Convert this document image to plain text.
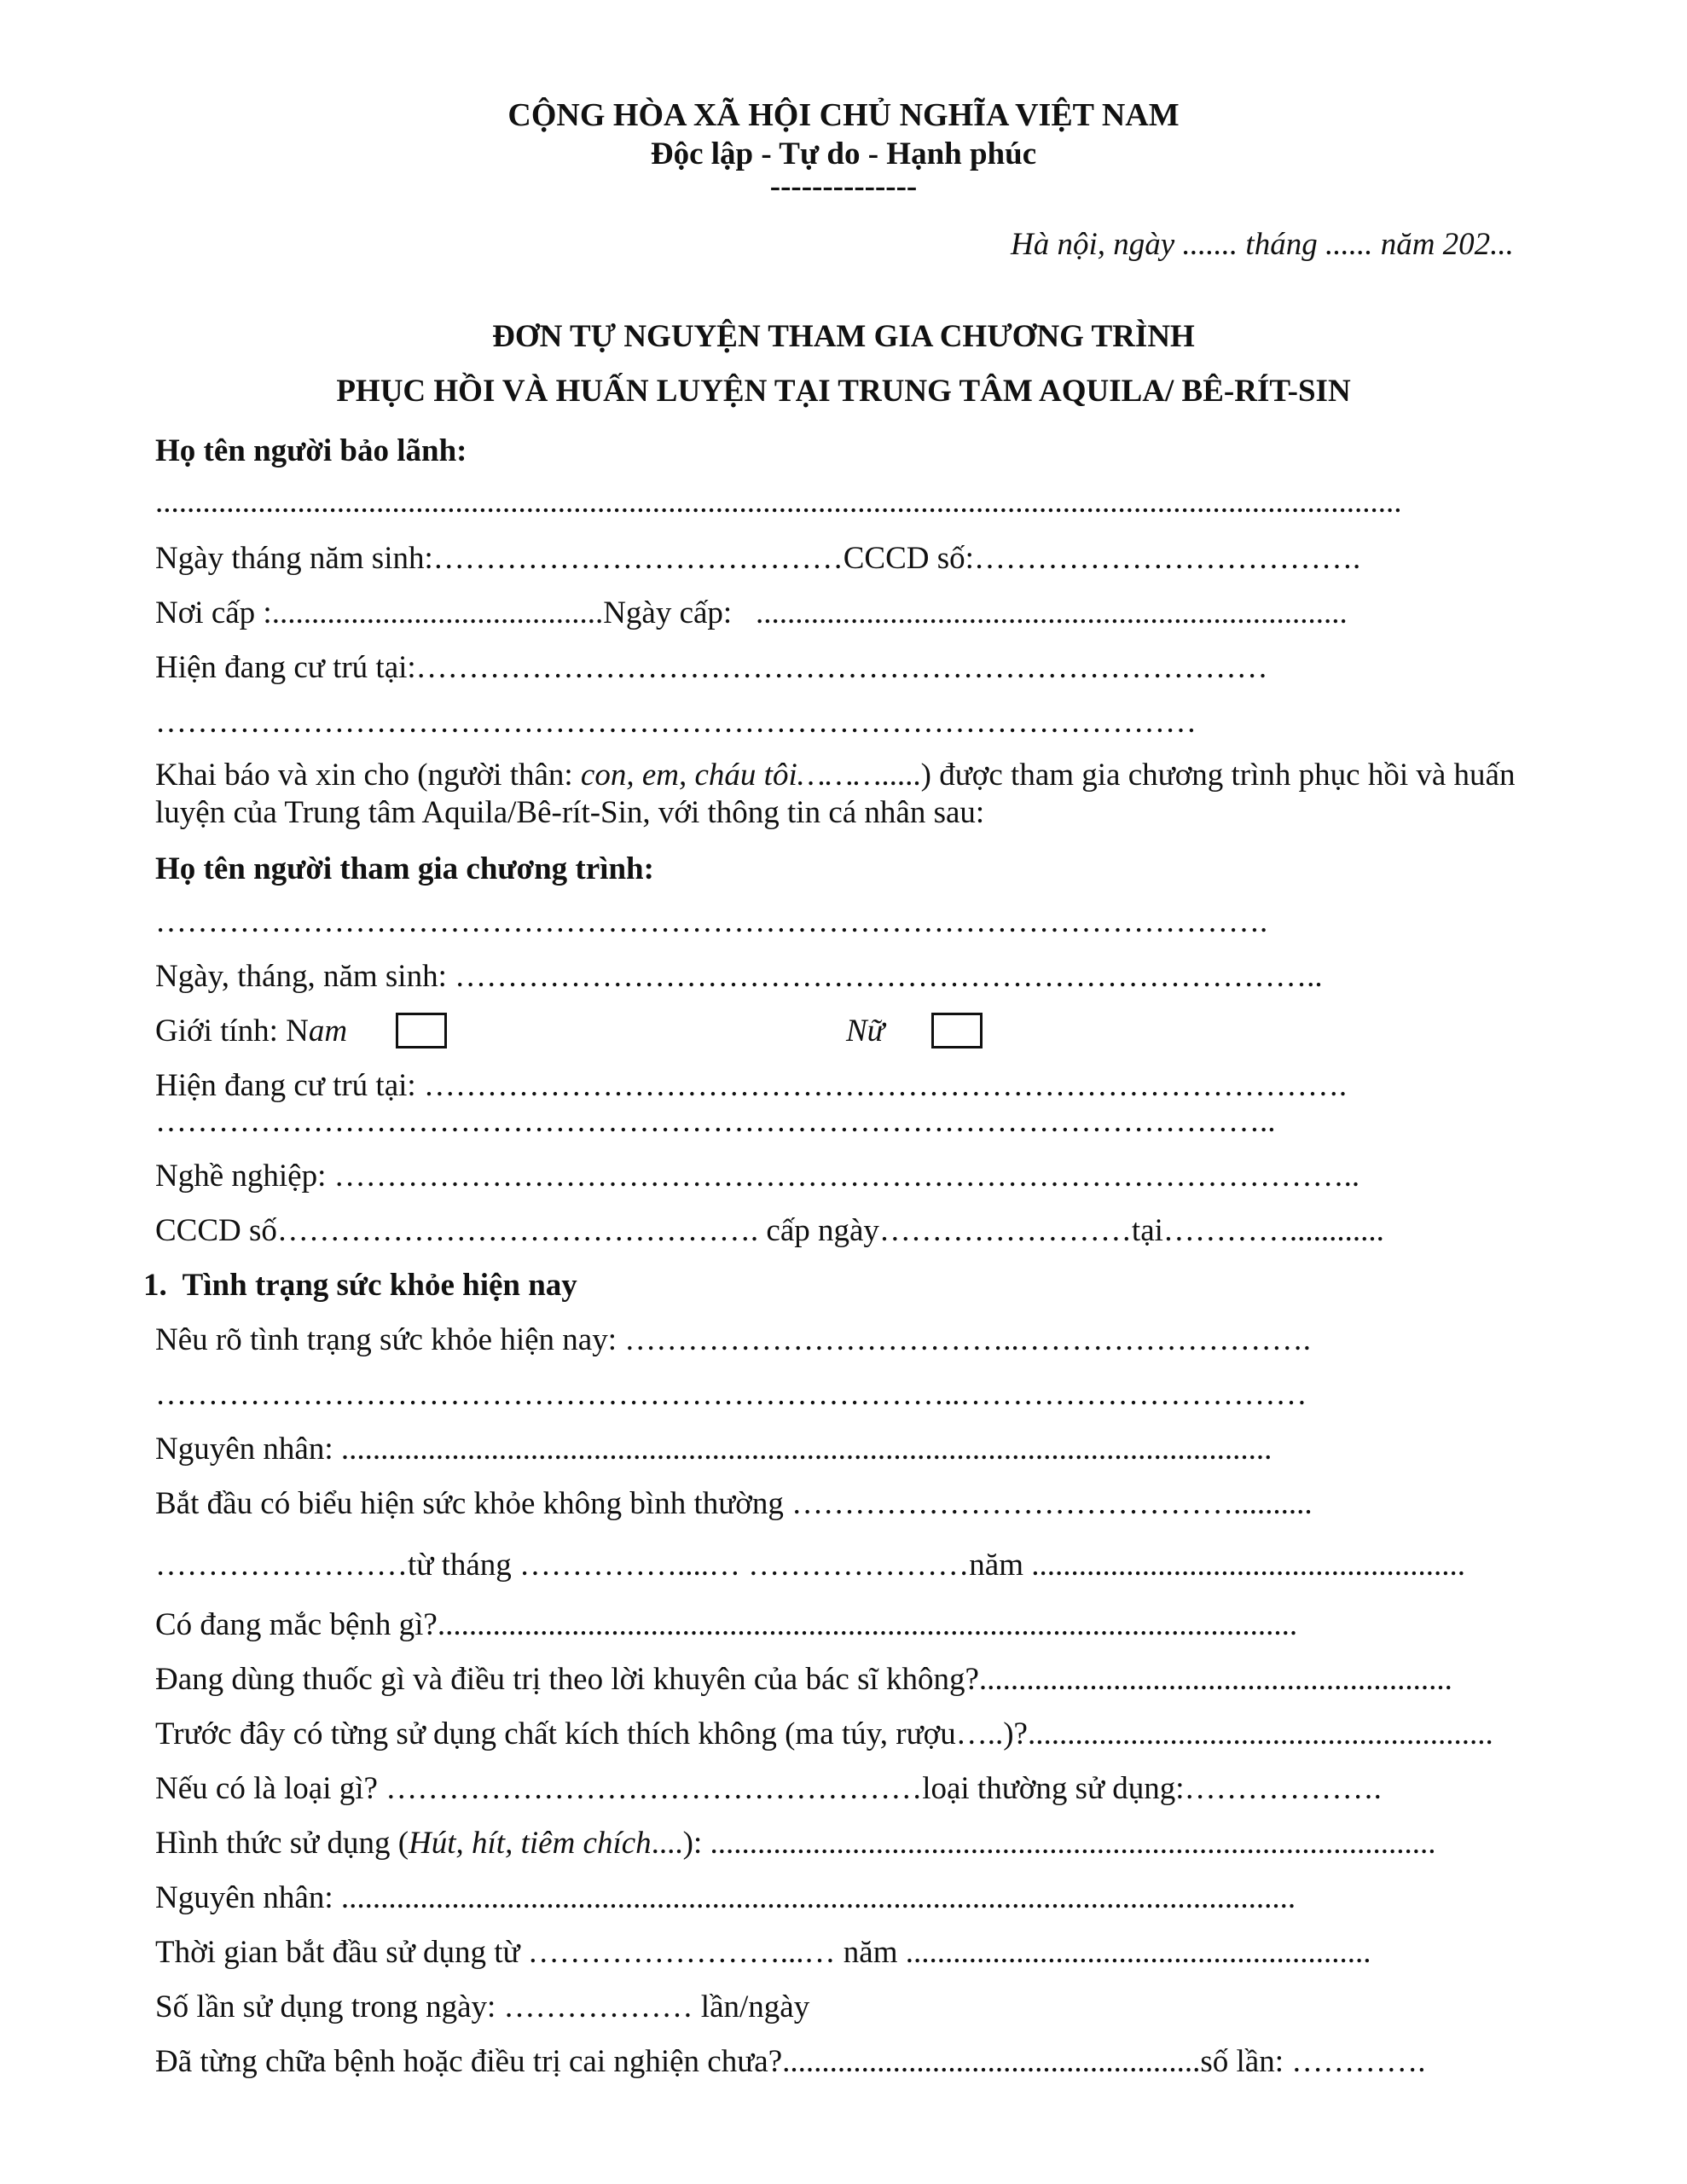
CỘNG HÒA XÃ HỘI CHỦ NGHĨA VIỆT NAM
Độc lập - Tự do - Hạnh phúc
--------------
Hà nội, ngày ....... tháng ...... năm 202...
ĐƠN TỰ NGUYỆN THAM GIA CHƯƠNG TRÌNH
PHỤC HỒI VÀ HUẤN LUYỆN TẠI TRUNG TÂM AQUILA/ BÊ-RÍT-SIN
Họ tên người bảo lãnh:
..............................................................................................................................................................
Ngày tháng năm sinh:…………………………………CCCD số:……………………………….
Nơi cấp :..........................................Ngày cấp:   ...........................................................................
Hiện đang cư trú tại:………………………………………………………………………
………………………………………………………………………………………
Khai báo và xin cho (người thân: con, em, cháu tôi……….....) được tham gia chương trình phục hồi và huấn
luyện của Trung tâm Aquila/Bê-rít-Sin, với thông tin cá nhân sau:
Họ tên người tham gia chương trình:
…………………………………………………………………………………………….
Ngày, tháng, năm sinh: ………………………………………………………………………..
Giới tính: Nam	Nữ
Hiện đang cư trú tại: …………………………………………………………………………….
……………………………………………………………………………………………..
Nghề nghiệp: ……………………………………………………………………………………..
CCCD số………………………………………. cấp ngày……………………tại…………............
1.  Tình trạng sức khỏe hiện nay
Nêu rõ tình trạng sức khỏe hiện nay: ………………………………..……………………….
…………………………………………………………………..……………………………
Nguyên nhân: ......................................................................................................................
Bắt đầu có biểu hiện sức khỏe không bình thường ……………………………………..........
……………………từ tháng ……………....… …………………năm .......................................................
Có đang mắc bệnh gì?.............................................................................................................
Đang dùng thuốc gì và điều trị theo lời khuyên của bác sĩ không?............................................................
Trước đây có từng sử dụng chất kích thích không (ma túy, rượu…..)?...........................................................
Nếu có là loại gì? ……………………………………………loại thường sử dụng:……………….
Hình thức sử dụng (Hút, hít, tiêm chích....): ............................................................................................
Nguyên nhân: .........................................................................................................................
Thời gian bắt đầu sử dụng từ ……………………...… năm ...........................................................
Số lần sử dụng trong ngày: ……………… lần/ngày
Đã từng chữa bệnh hoặc điều trị cai nghiện chưa?.....................................................số lần: ………….
